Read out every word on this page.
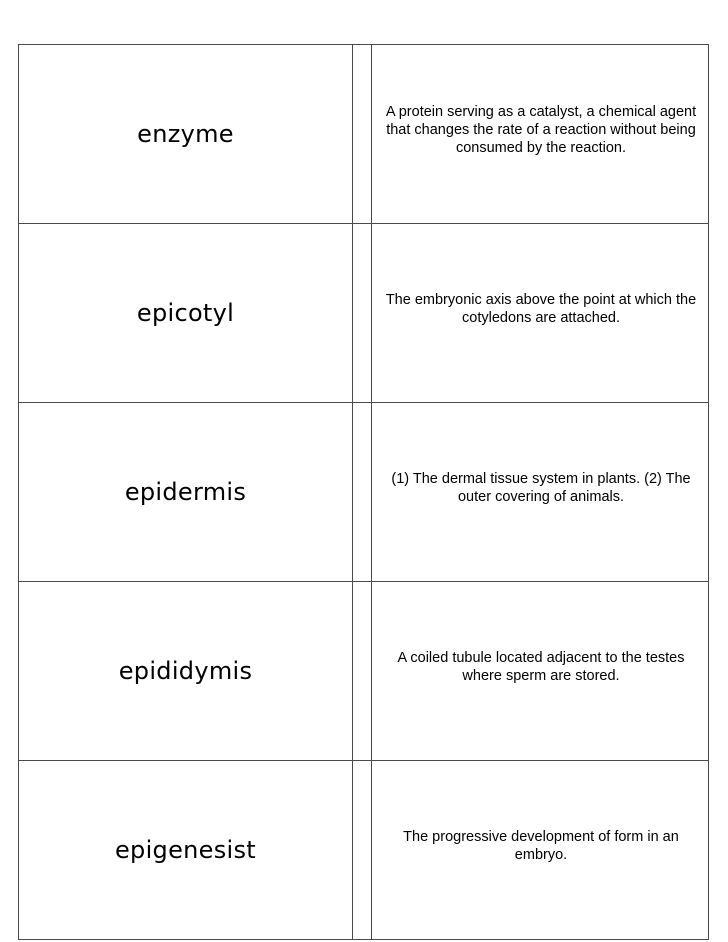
enzyme		A protein serving as a catalyst, a chemical agent that changes the rate of a reaction without being consumed by the reaction.
epicotyl		The embryonic axis above the point at which the cotyledons are attached.
epidermis		(1) The dermal tissue system in plants. (2) The outer covering of animals.
epididymis		A coiled tubule located adjacent to the testes where sperm are stored.
epigenesist		The progressive development of form in an embryo.
